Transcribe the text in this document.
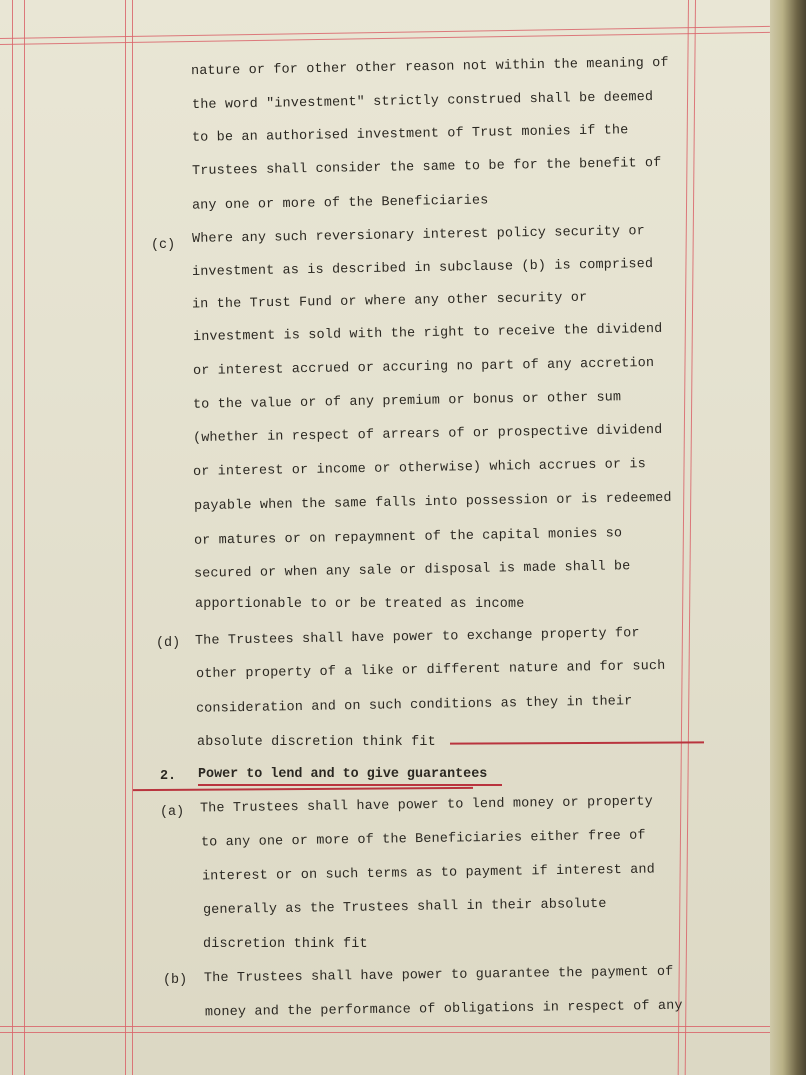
nature or for other other reason not within the meaning of
the word "investment" strictly construed shall be deemed
to be an authorised investment of Trust monies if the
Trustees shall consider the same to be for the benefit of
any one or more of the Beneficiaries
(c) Where any such reversionary interest policy security or
investment as is described in subclause (b) is comprised
in the Trust Fund or where any other security or
investment is sold with the right to receive the dividend
or interest accrued or accuring no part of any accretion
to the value or of any premium or bonus or other sum
(whether in respect of arrears of or prospective dividend
or interest or income or otherwise) which accrues or is
payable when the same falls into possession or is redeemed
or matures or on repaymnent of the capital monies so
secured or when any sale or disposal is made shall be
apportionable to or be treated as income
(d) The Trustees shall have power to exchange property for
other property of a like or different nature and for such
consideration and on such conditions as they in their
absolute discretion think fit
2. Power to lend and to give guarantees
(a) The Trustees shall have power to lend money or property
to any one or more of the Beneficiaries either free of
interest or on such terms as to payment if interest and
generally as the Trustees shall in their absolute
discretion think fit
(b) The Trustees shall have power to guarantee the payment of
money and the performance of obligations in respect of any
